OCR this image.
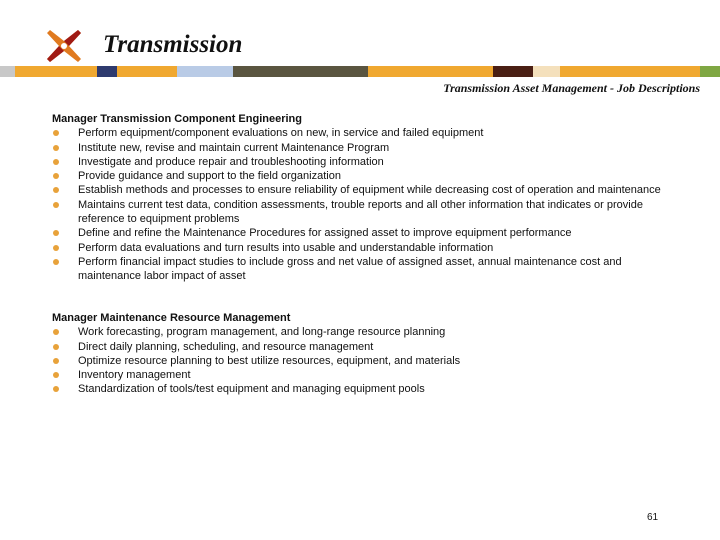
Transmission

Transmission Asset Management - Job Descriptions

Manager Transmission Component Engineering
Perform equipment/component evaluations on new, in service and failed equipment
Institute new, revise and maintain current Maintenance Program
Investigate and produce repair and troubleshooting information
Provide guidance and support to the field organization
Establish methods and processes to ensure reliability of equipment while decreasing cost of operation and maintenance
Maintains current test data, condition assessments, trouble reports and all other information that indicates or provide reference to equipment problems
Define and refine the Maintenance Procedures for assigned asset to improve equipment performance
Perform data evaluations and turn results into usable and understandable information
Perform financial impact studies to include gross and net value of assigned asset, annual maintenance cost and maintenance labor impact of asset
Manager Maintenance Resource Management
Work forecasting, program management, and long-range resource planning
Direct daily planning, scheduling, and resource management
Optimize resource planning to best utilize resources, equipment, and materials
Inventory management
Standardization of tools/test equipment and managing equipment pools
61
